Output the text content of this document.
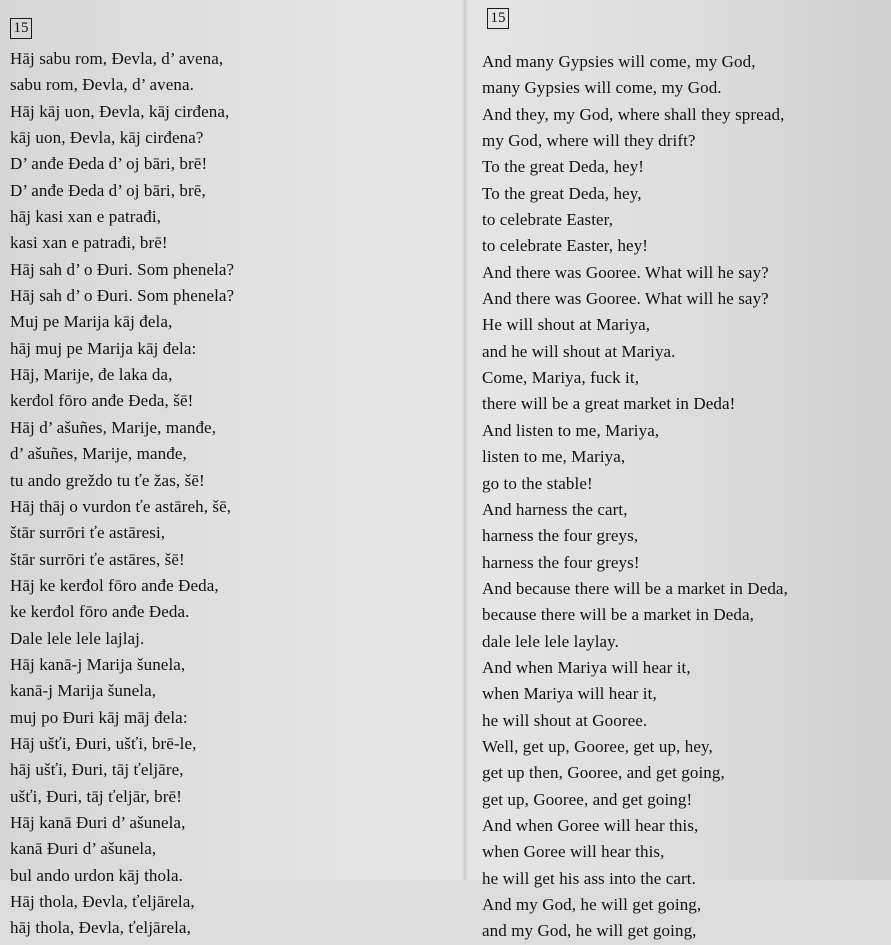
15
Hāj sabu rom, Đevla, d’ avena,
sabu rom, Đevla, d’ avena.
Hāj kāj uon, Đevla, kāj cirđena,
kāj uon, Đevla, kāj cirđena?
D’ anđe Đeda d’ oj bāri, brē!
D’ anđe Đeda d’ oj bāri, brē,
hāj kasi xan e patrađi,
kasi xan e patrađi, brē!
Hāj sah d’ o Đuri. Som phenela?
Hāj sah d’ o Đuri. Som phenela?
Muj pe Marija kāj đela,
hāj muj pe Marija kāj đela:
Hāj, Marije, đe laka da,
kerđol fōro anđe Đeda, šē!
Hāj d’ ašuñes, Marije, manđe,
d’ ašuñes, Marije, manđe,
tu ando greždo tu ťe žas, šē!
Hāj thāj o vurdon ťe astāreh, šē,
štār surrōri ťe astāresi,
štār surrōri ťe astāres, šē!
Hāj ke kerđol fōro anđe Đeda,
ke kerđol fōro anđe Đeda.
Dale lele lele lajlaj.
Hāj kanā-j Marija šunela,
kanā-j Marija šunela,
muj po Đuri kāj māj đela:
Hāj ušťi, Đuri, ušťi, brē-le,
hāj ušťi, Đuri, tāj ťeljāre,
ušťi, Đuri, tāj ťeljār, brē!
Hāj kanā Đuri d’ ašunela,
kanā Đuri d’ ašunela,
bul ando urdon kāj thola.
Hāj thola, Đevla, ťeljārela,
hāj thola, Đevla, ťeljārela,
15
And many Gypsies will come, my God,
many Gypsies will come, my God.
And they, my God, where shall they spread,
my God, where will they drift?
To the great Deda, hey!
To the great Deda, hey,
to celebrate Easter,
to celebrate Easter, hey!
And there was Gooree. What will he say?
And there was Gooree. What will he say?
He will shout at Mariya,
and he will shout at Mariya.
Come, Mariya, fuck it,
there will be a great market in Deda!
And listen to me, Mariya,
listen to me, Mariya,
go to the stable!
And harness the cart,
harness the four greys,
harness the four greys!
And because there will be a market in Deda,
because there will be a market in Deda,
dale lele lele laylay.
And when Mariya will hear it,
when Mariya will hear it,
he will shout at Gooree.
Well, get up, Gooree, get up, hey,
get up then, Gooree, and get going,
get up, Gooree, and get going!
And when Goree will hear this,
when Goree will hear this,
he will get his ass into the cart.
And my God, he will get going,
and my God, he will get going,
